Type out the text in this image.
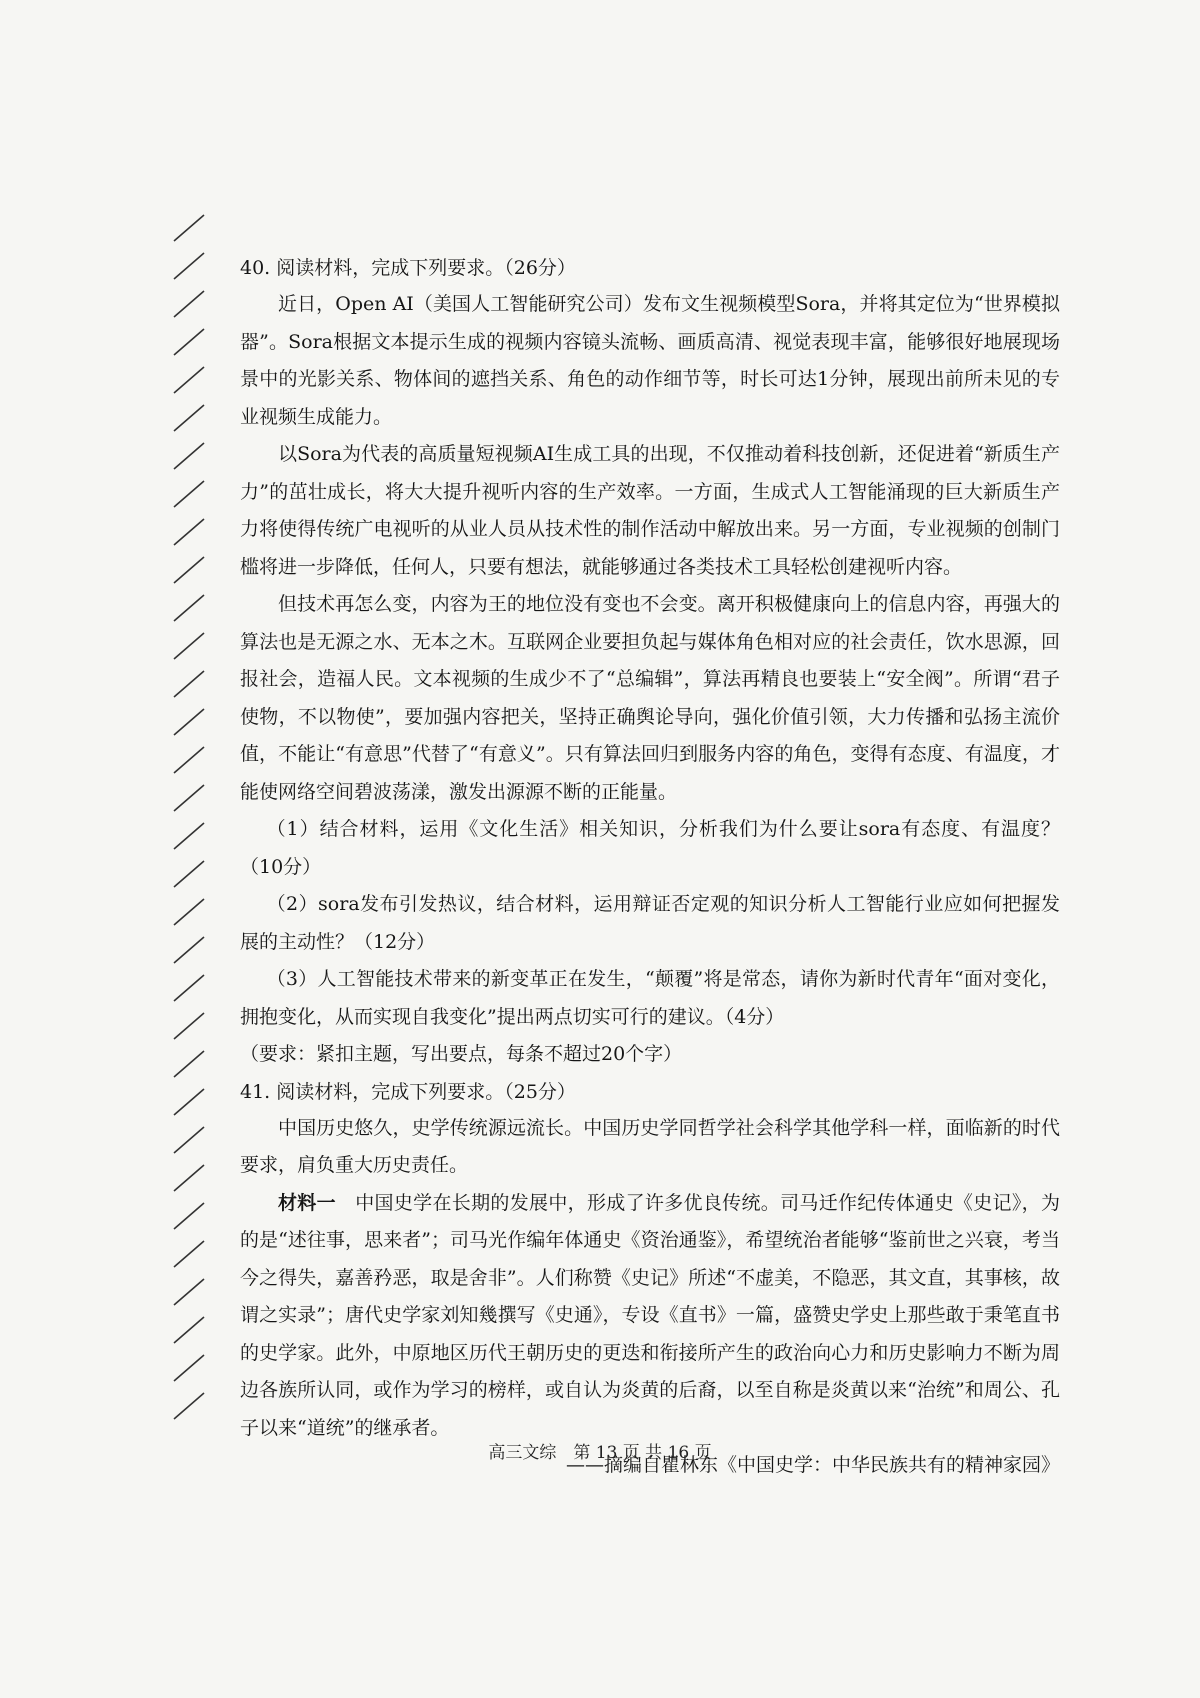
40. 阅读材料，完成下列要求。（26分）

近日，Open AI（美国人工智能研究公司）发布文生视频模型Sora，并将其定位为“世界模拟器”。Sora根据文本提示生成的视频内容镜头流畅、画质高清、视觉表现丰富，能够很好地展现场景中的光影关系、物体间的遮挡关系、角色的动作细节等，时长可达1分钟，展现出前所未见的专业视频生成能力。

以Sora为代表的高质量短视频AI生成工具的出现，不仅推动着科技创新，还促进着“新质生产力”的茁壮成长，将大大提升视听内容的生产效率。一方面，生成式人工智能涌现的巨大新质生产力将使得传统广电视听的从业人员从技术性的制作活动中解放出来。另一方面，专业视频的创制门槛将进一步降低，任何人，只要有想法，就能够通过各类技术工具轻松创建视听内容。

但技术再怎么变，内容为王的地位没有变也不会变。离开积极健康向上的信息内容，再强大的算法也是无源之水、无本之木。互联网企业要担负起与媒体角色相对应的社会责任，饮水思源，回报社会，造福人民。文本视频的生成少不了“总编辑”，算法再精良也要装上“安全阀”。所谓“君子使物，不以物使”，要加强内容把关，坚持正确舆论导向，强化价值引领，大力传播和弘扬主流价值，不能让“有意思”代替了“有意义”。只有算法回归到服务内容的角色，变得有态度、有温度，才能使网络空间碧波荡漾，激发出源源不断的正能量。

（1）结合材料，运用《文化生活》相关知识，分析我们为什么要让sora有态度、有温度？（10分）

（2）sora发布引发热议，结合材料，运用辩证否定观的知识分析人工智能行业应如何把握发展的主动性？（12分）

（3）人工智能技术带来的新变革正在发生，“颠覆”将是常态，请你为新时代青年“面对变化，拥抱变化，从而实现自我变化”提出两点切实可行的建议。（4分）

（要求：紧扣主题，写出要点，每条不超过20个字）

41. 阅读材料，完成下列要求。（25分）

中国历史悠久，史学传统源远流长。中国历史学同哲学社会科学其他学科一样，面临新的时代要求，肩负重大历史责任。

材料一　 中国史学在长期的发展中，形成了许多优良传统。司马迁作纪传体通史《史记》，为的是“述往事，思来者”；司马光作编年体通史《资治通鉴》，希望统治者能够“鉴前世之兴衰，考当今之得失，嘉善矜恶，取是舍非”。人们称赞《史记》所述“不虚美，不隐恶，其文直，其事核，故谓之实录”；唐代史学家刘知幾撰写《史通》，专设《直书》一篇，盛赞史学史上那些敢于秉笔直书的史学家。此外，中原地区历代王朝历史的更迭和衔接所产生的政治向心力和历史影响力不断为周边各族所认同，或作为学习的榜样，或自认为炎黄的后裔，以至自称是炎黄以来“治统”和周公、孔子以来“道统”的继承者。

——摘编自瞿林东《中国史学：中华民族共有的精神家园》

高三文综　第 13 页 共 16 页
